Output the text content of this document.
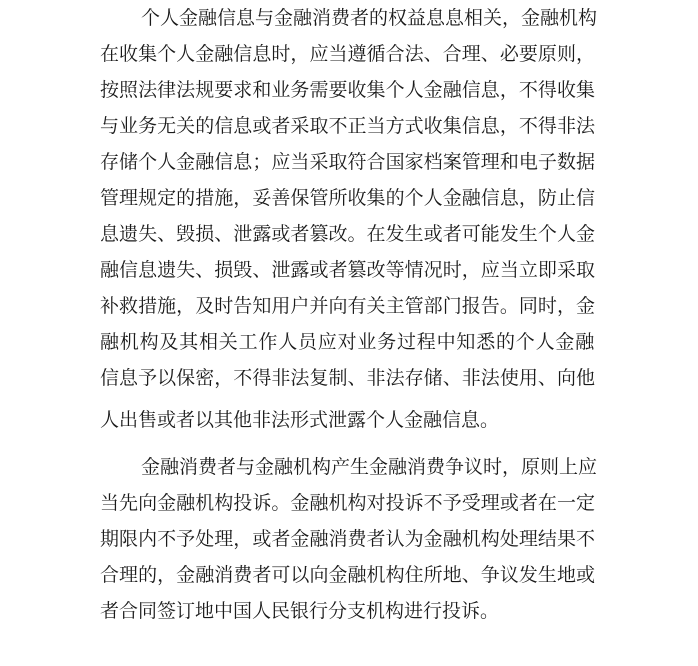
个人金融信息与金融消费者的权益息息相关，金融机构
在收集个人金融信息时，应当遵循合法、合理、必要原则，
按照法律法规要求和业务需要收集个人金融信息，不得收集
与业务无关的信息或者采取不正当方式收集信息，不得非法
存储个人金融信息；应当采取符合国家档案管理和电子数据
管理规定的措施，妥善保管所收集的个人金融信息，防止信
息遗失、毁损、泄露或者篡改。在发生或者可能发生个人金
融信息遗失、损毁、泄露或者篡改等情况时，应当立即采取
补救措施，及时告知用户并向有关主管部门报告。同时，金
融机构及其相关工作人员应对业务过程中知悉的个人金融
信息予以保密，不得非法复制、非法存储、非法使用、向他
人出售或者以其他非法形式泄露个人金融信息。
金融消费者与金融机构产生金融消费争议时，原则上应
当先向金融机构投诉。金融机构对投诉不予受理或者在一定
期限内不予处理，或者金融消费者认为金融机构处理结果不
合理的，金融消费者可以向金融机构住所地、争议发生地或
者合同签订地中国人民银行分支机构进行投诉。
